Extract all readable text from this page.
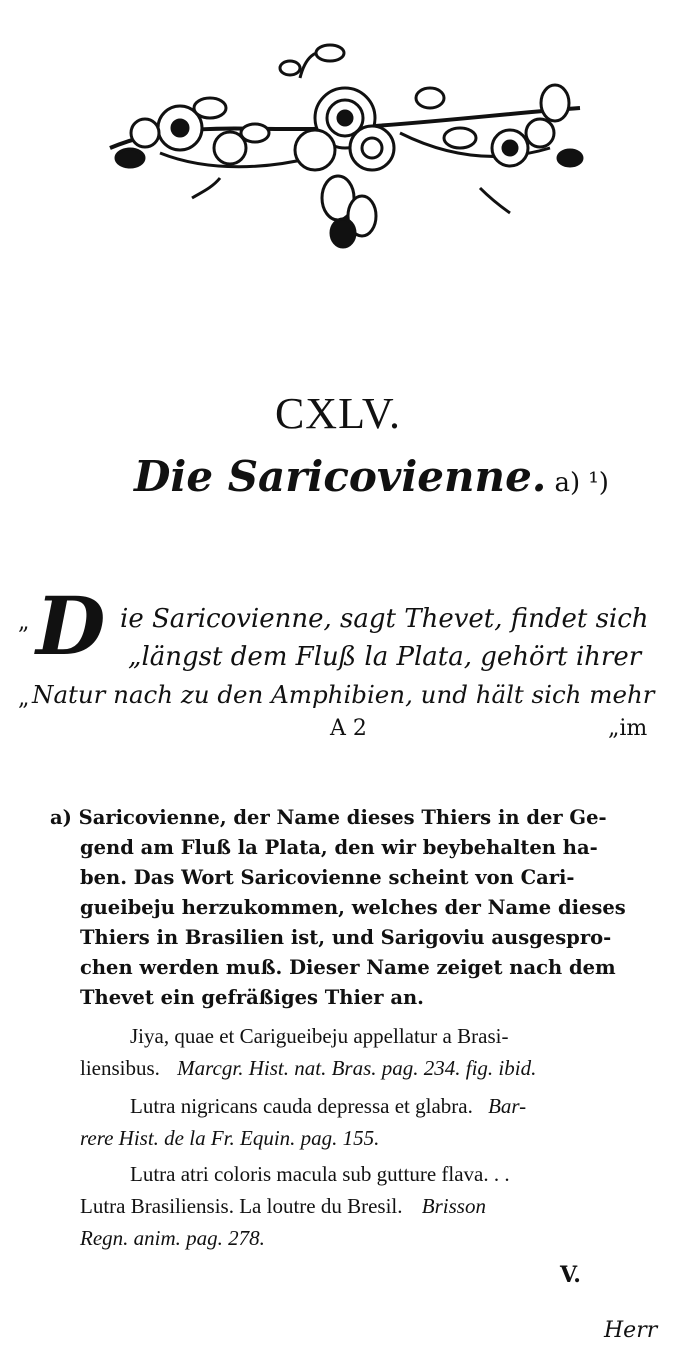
CXLV.
Die Saricovienne. a) ¹)
D
„	ie Saricovienne, sagt Thevet, findet sich
„längst dem Fluß la Plata, gehört ihrer
„ Natur nach zu den Amphibien, und hält sich mehr
A 2	„im
a) Saricovienne, der Name dieses Thiers in der Ge-
gend am Fluß la Plata, den wir beybehalten ha-
ben. Das Wort Saricovienne scheint von Cari-
gueibeju herzukommen, welches der Name dieses
Thiers in Brasilien ist, und Sarigoviu ausgespro-
chen werden muß. Dieser Name zeiget nach dem
Thevet ein gefräßiges Thier an.
Jiya, quae et Carigueibeju appellatur a Brasi-
liensibus. Marcgr. Hist. nat. Bras. pag. 234. fig. ibid.
Lutra nigricans cauda depressa et glabra. Bar-
rere Hist. de la Fr. Equin. pag. 155.
Lutra atri coloris macula sub gutture flava. . .
Lutra Brasiliensis. La loutre du Bresil. Brisson
Regn. anim. pag. 278.
V.
Herr
